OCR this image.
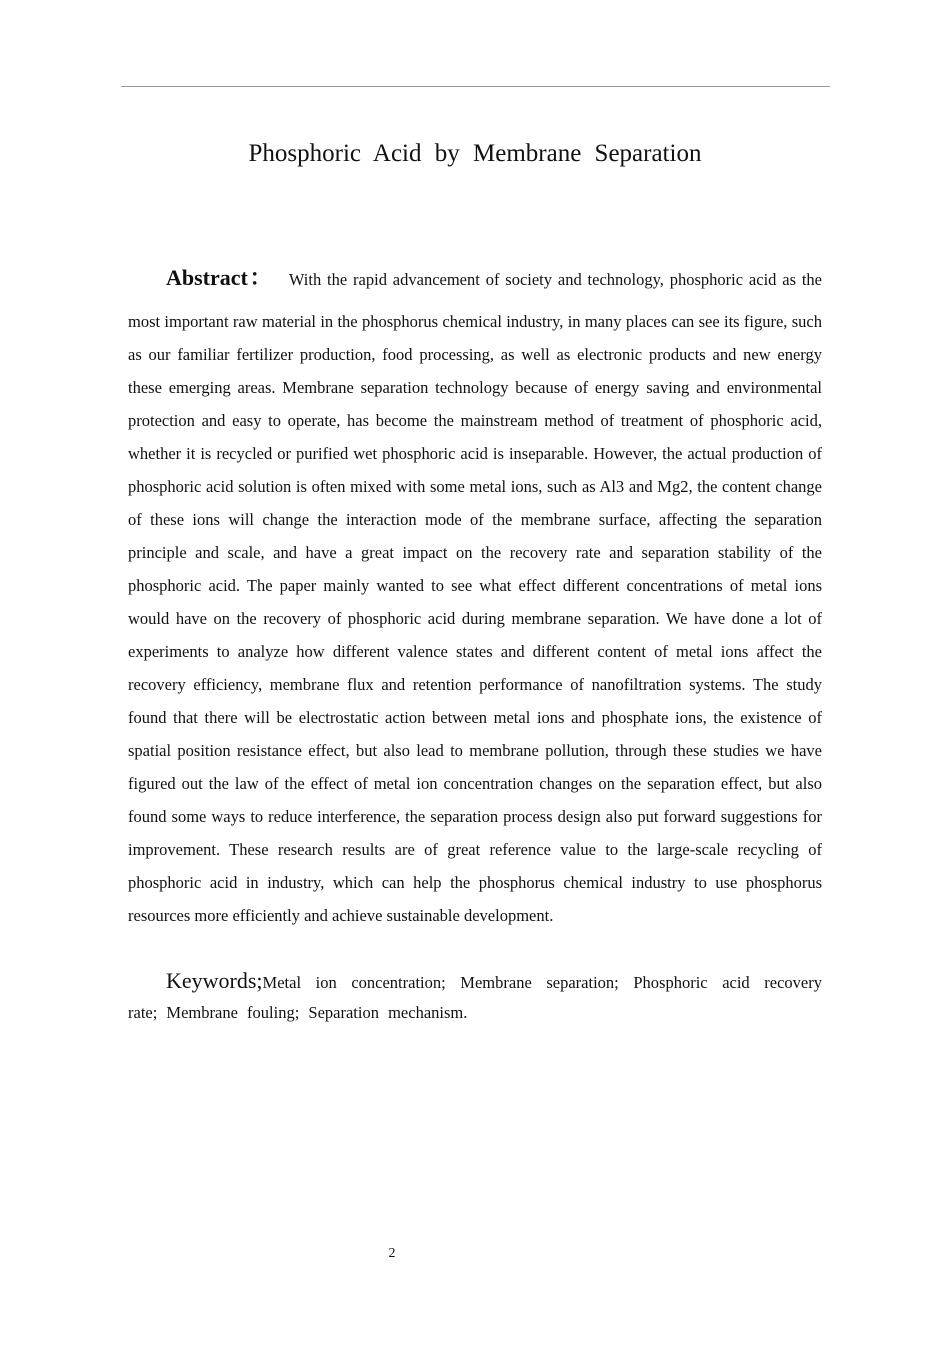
Phosphoric Acid by Membrane Separation
Abstract： With the rapid advancement of society and technology, phosphoric acid as the

most important raw material in the phosphorus chemical industry, in many places can see its figure, such as our familiar fertilizer production, food processing, as well as electronic products and new energy these emerging areas. Membrane separation technology because of energy saving and environmental protection and easy to operate, has become the mainstream method of treatment of phosphoric acid, whether it is recycled or purified wet phosphoric acid is inseparable. However, the actual production of phosphoric acid solution is often mixed with some metal ions, such as Al3 and Mg2, the content change of these ions will change the interaction mode of the membrane surface, affecting the separation principle and scale, and have a great impact on the recovery rate and separation stability of the phosphoric acid. The paper mainly wanted to see what effect different concentrations of metal ions would have on the recovery of phosphoric acid during membrane separation. We have done a lot of experiments to analyze how different valence states and different content of metal ions affect the recovery efficiency, membrane flux and retention performance of nanofiltration systems. The study found that there will be electrostatic action between metal ions and phosphate ions, the existence of spatial position resistance effect, but also lead to membrane pollution, through these studies we have figured out the law of the effect of metal ion concentration changes on the separation effect, but also found some ways to reduce interference, the separation process design also put forward suggestions for improvement. These research results are of great reference value to the large-scale recycling of phosphoric acid in industry, which can help the phosphorus chemical industry to use phosphorus resources more efficiently and achieve sustainable development.

Keywords;Metal ion concentration; Membrane separation; Phosphoric acid recovery
rate; Membrane fouling; Separation mechanism.
2
